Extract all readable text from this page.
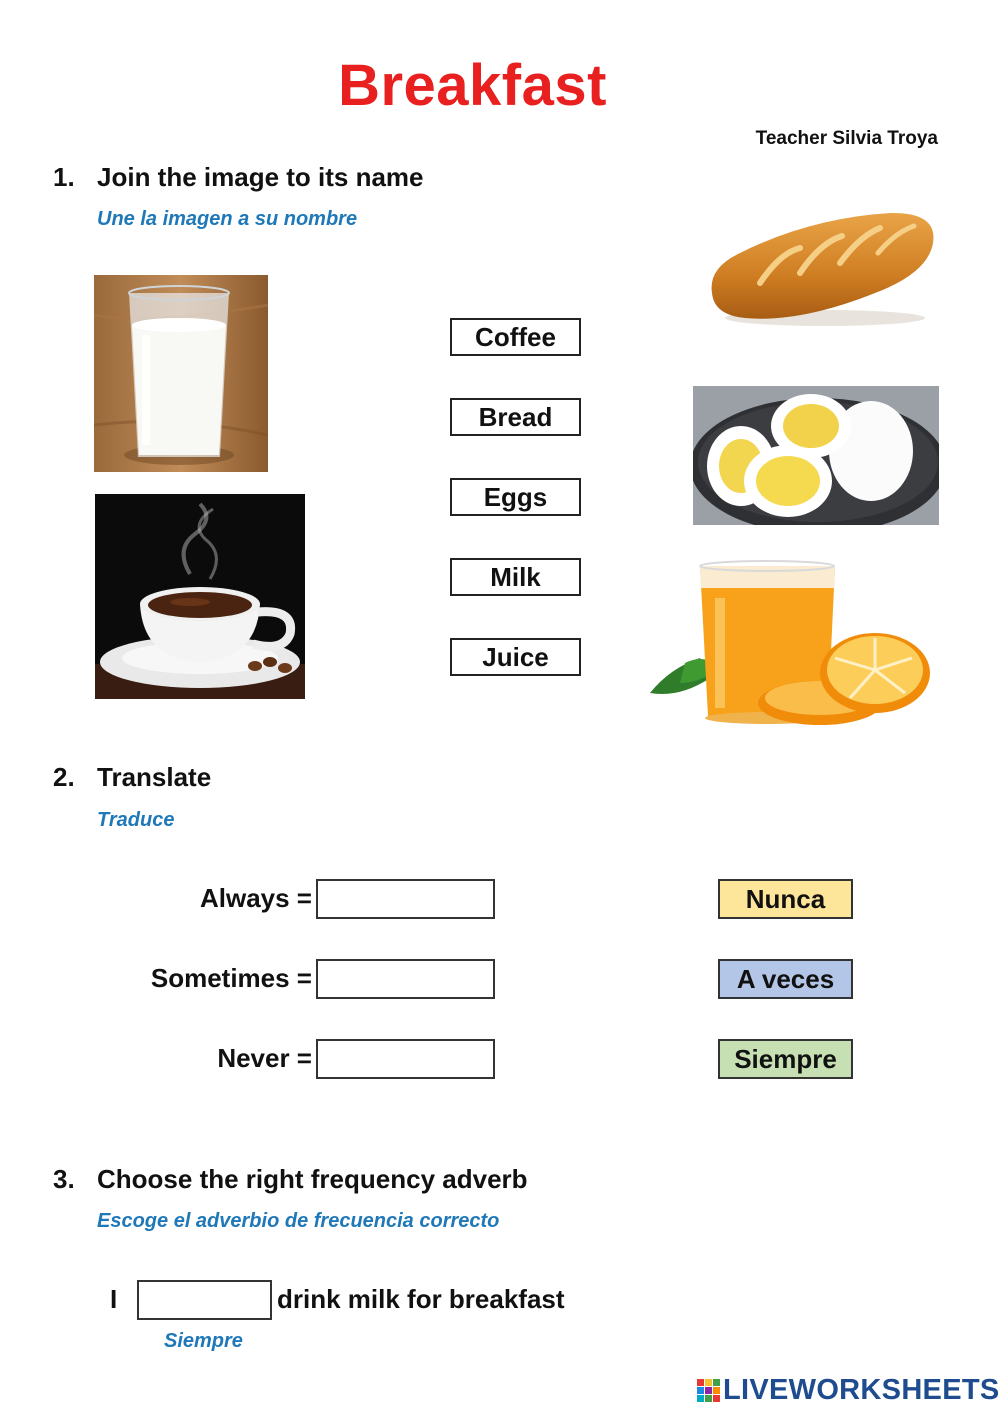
Breakfast
Teacher Silvia Troya
1. Join the image to its name
Une la imagen a su nombre
Coffee
Bread
Eggs
Milk
Juice
2. Translate
Traduce
Always =
Sometimes =
Never =
Nunca
A veces
Siempre
3. Choose the right frequency adverb
Escoge el adverbio de frecuencia correcto
I	drink milk for breakfast
Siempre
LIVEWORKSHEETS
